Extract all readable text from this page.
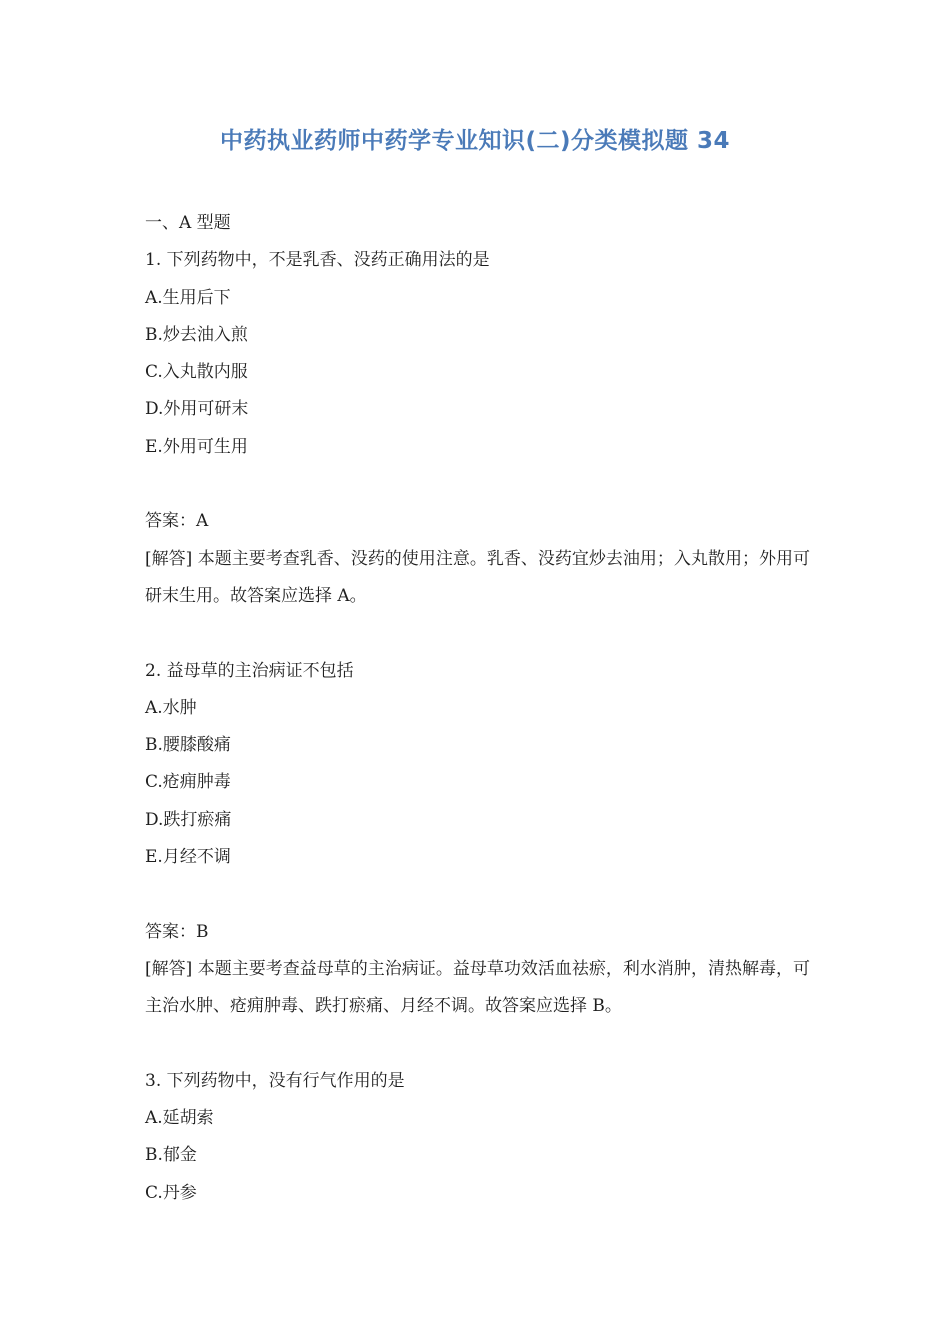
中药执业药师中药学专业知识(二)分类模拟题 34
一、A 型题
1. 下列药物中，不是乳香、没药正确用法的是
A.生用后下
B.炒去油入煎
C.入丸散内服
D.外用可研末
E.外用可生用
答案：A
[解答] 本题主要考查乳香、没药的使用注意。乳香、没药宜炒去油用；入丸散用；外用可研末生用。故答案应选择 A。
2. 益母草的主治病证不包括
A.水肿
B.腰膝酸痛
C.疮痈肿毒
D.跌打瘀痛
E.月经不调
答案：B
[解答] 本题主要考查益母草的主治病证。益母草功效活血祛瘀，利水消肿，清热解毒，可主治水肿、疮痈肿毒、跌打瘀痛、月经不调。故答案应选择 B。
3. 下列药物中，没有行气作用的是
A.延胡索
B.郁金
C.丹参
